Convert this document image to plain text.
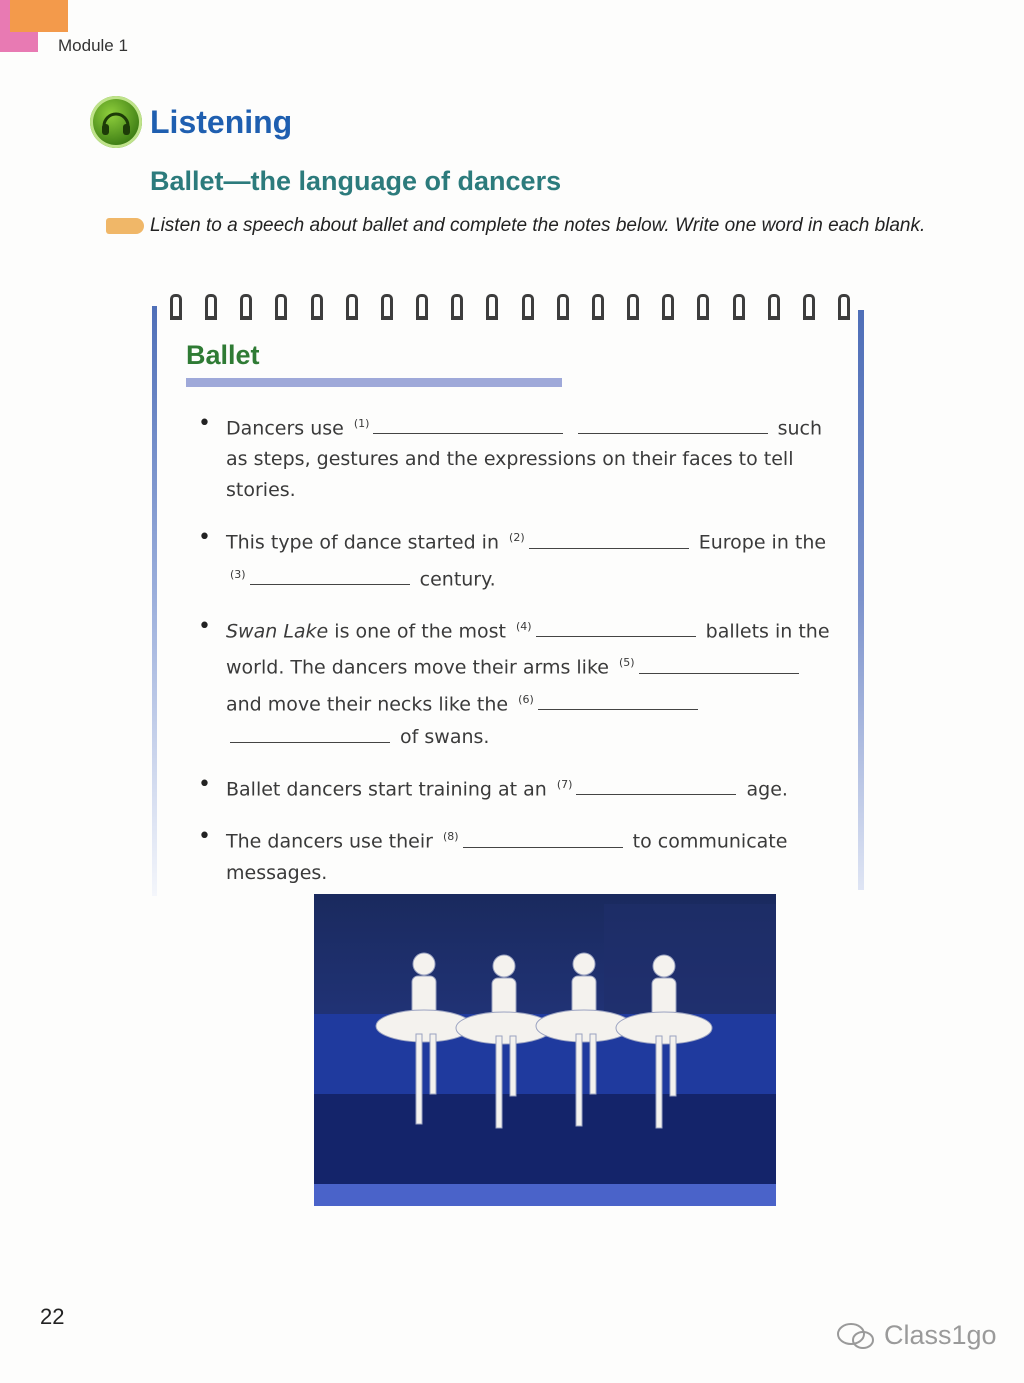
Module 1
Listening
Ballet—the language of dancers
Listen to a speech about ballet and complete the notes below. Write one word in each blank.
Ballet
• Dancers use $^{(1)}$	such as steps, gestures and the expressions on their faces to tell stories.
• This type of dance started in $^{(2)}$	Europe in the $^{(3)}$	century.
• Swan Lake is one of the most $^{(4)}$	ballets in the world. The dancers move their arms like $^{(5)}$ and move their necks like the $^{(6)}$  of swans.
• Ballet dancers start training at an $^{(7)}$	age.
• The dancers use their $^{(8)}$	to communicate messages.
22
Class1go
